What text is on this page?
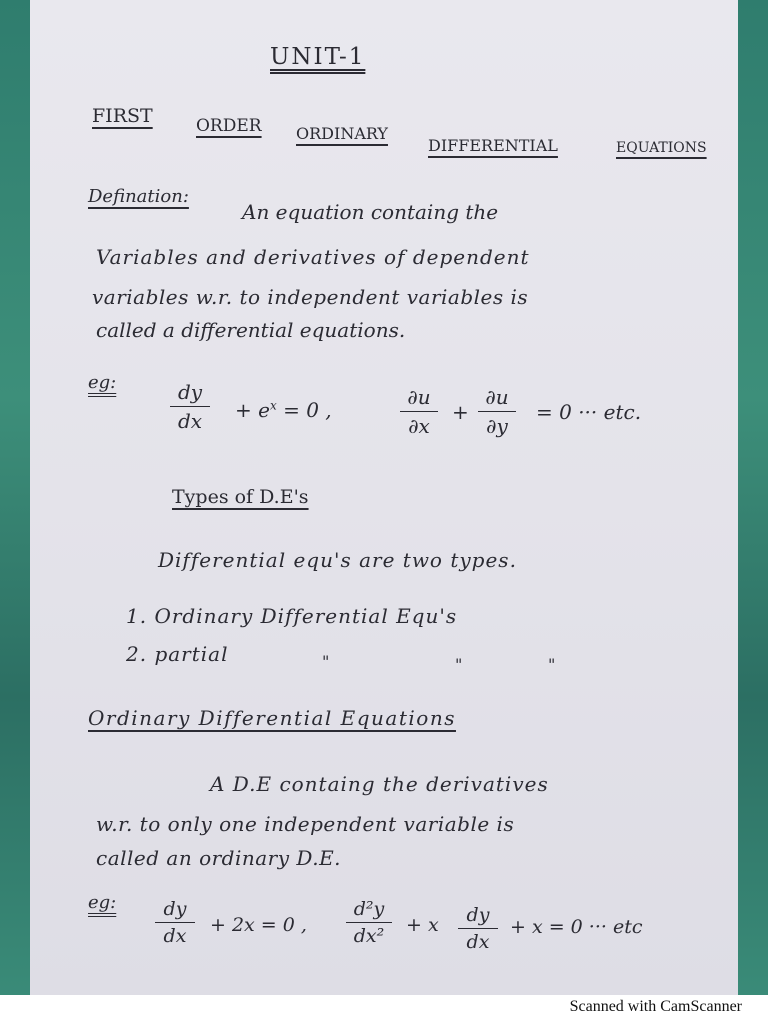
UNIT-1
FIRST	ORDER ORDINARY
DIFFERENTIAL	EQUATIONS
Defination:
An equation containg the
Variables and derivatives of dependent
variables w.r. to independent variables is
called a differential equations.
eg:	dy
dx	+ $e^x = 0$ ,
∂u
∂x
+
∂u
∂y
= 0 ··· etc.
Types of D.E's
Differential equ's are two types.
1. Ordinary Differential Equ's
2. partial	"	"	"
Ordinary Differential Equations
A D.E containg the derivatives
w.r. to only one independent variable is
called an ordinary D.E.
eg:	dy
dx	+ 2x = 0 ,
d²y
dx²	+ x	dy
dx
+ x = 0 ··· etc
Scanned with CamScanner
